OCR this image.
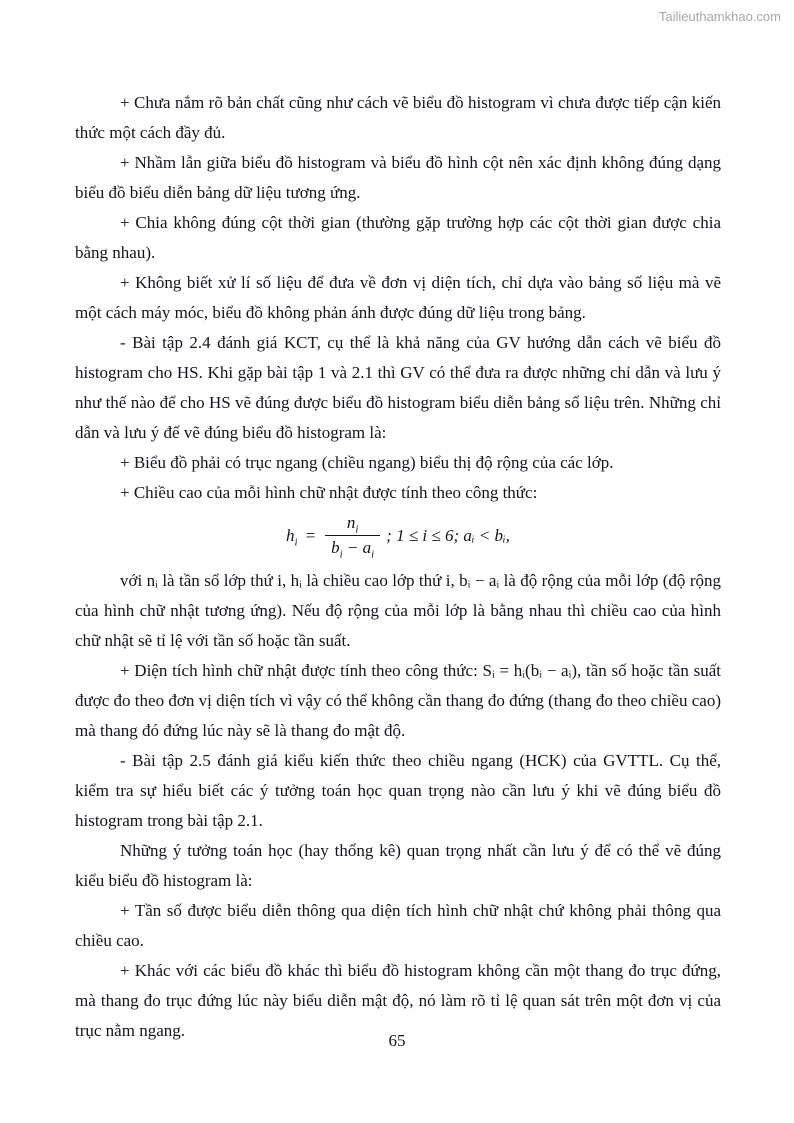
Tailieuthamkhao.com

+ Chưa nắm rõ bản chất cũng như cách vẽ biểu đồ histogram vì chưa được tiếp cận kiến thức một cách đầy đủ.

+ Nhầm lẫn giữa biểu đồ histogram và biểu đồ hình cột nên xác định không đúng dạng biểu đồ biểu diễn bảng dữ liệu tương ứng.

+ Chia không đúng cột thời gian (thường gặp trường hợp các cột thời gian được chia bằng nhau).

+ Không biết xử lí số liệu để đưa về đơn vị diện tích, chỉ dựa vào bảng số liệu mà vẽ một cách máy móc, biểu đồ không phản ánh được đúng dữ liệu trong bảng.

- Bài tập 2.4 đánh giá KCT, cụ thể là khả năng của GV hướng dẫn cách vẽ biểu đồ histogram cho HS. Khi gặp bài tập 1 và 2.1 thì GV có thể đưa ra được những chỉ dẫn và lưu ý như thế nào để cho HS vẽ đúng được biểu đồ histogram biểu diễn bảng số liệu trên. Những chỉ dẫn và lưu ý để vẽ đúng biểu đồ histogram là:

+ Biểu đồ phải có trục ngang (chiều ngang) biểu thị độ rộng của các lớp.

+ Chiều cao của mỗi hình chữ nhật được tính theo công thức:

$h_i = \frac{n_i}{b_i - a_i}$ ; 1 ≤ i ≤ 6; aᵢ < bᵢ,

với nᵢ là tần số lớp thứ i, hᵢ là chiều cao lớp thứ i, bᵢ − aᵢ là độ rộng của mỗi lớp (độ rộng của hình chữ nhật tương ứng). Nếu độ rộng của mỗi lớp là bằng nhau thì chiều cao của hình chữ nhật sẽ tỉ lệ với tần số hoặc tần suất.

+ Diện tích hình chữ nhật được tính theo công thức: Sᵢ = hᵢ(bᵢ − aᵢ), tần số hoặc tần suất được đo theo đơn vị diện tích vì vậy có thể không cần thang đo đứng (thang đo theo chiều cao) mà thang đó đứng lúc này sẽ là thang đo mật độ.

- Bài tập 2.5 đánh giá kiểu kiến thức theo chiều ngang (HCK) của GVTTL. Cụ thể, kiểm tra sự hiểu biết các ý tưởng toán học quan trọng nào cần lưu ý khi vẽ đúng biểu đồ histogram trong bài tập 2.1.

Những ý tưởng toán học (hay thống kê) quan trọng nhất cần lưu ý để có thể vẽ đúng kiểu biểu đồ histogram là:

+ Tần số được biểu diễn thông qua diện tích hình chữ nhật chứ không phải thông qua chiều cao.

+ Khác với các biểu đồ khác thì biểu đồ histogram không cần một thang đo trục đứng, mà thang đo trục đứng lúc này biểu diễn mật độ, nó làm rõ tỉ lệ quan sát trên một đơn vị của trục nằm ngang.

65
